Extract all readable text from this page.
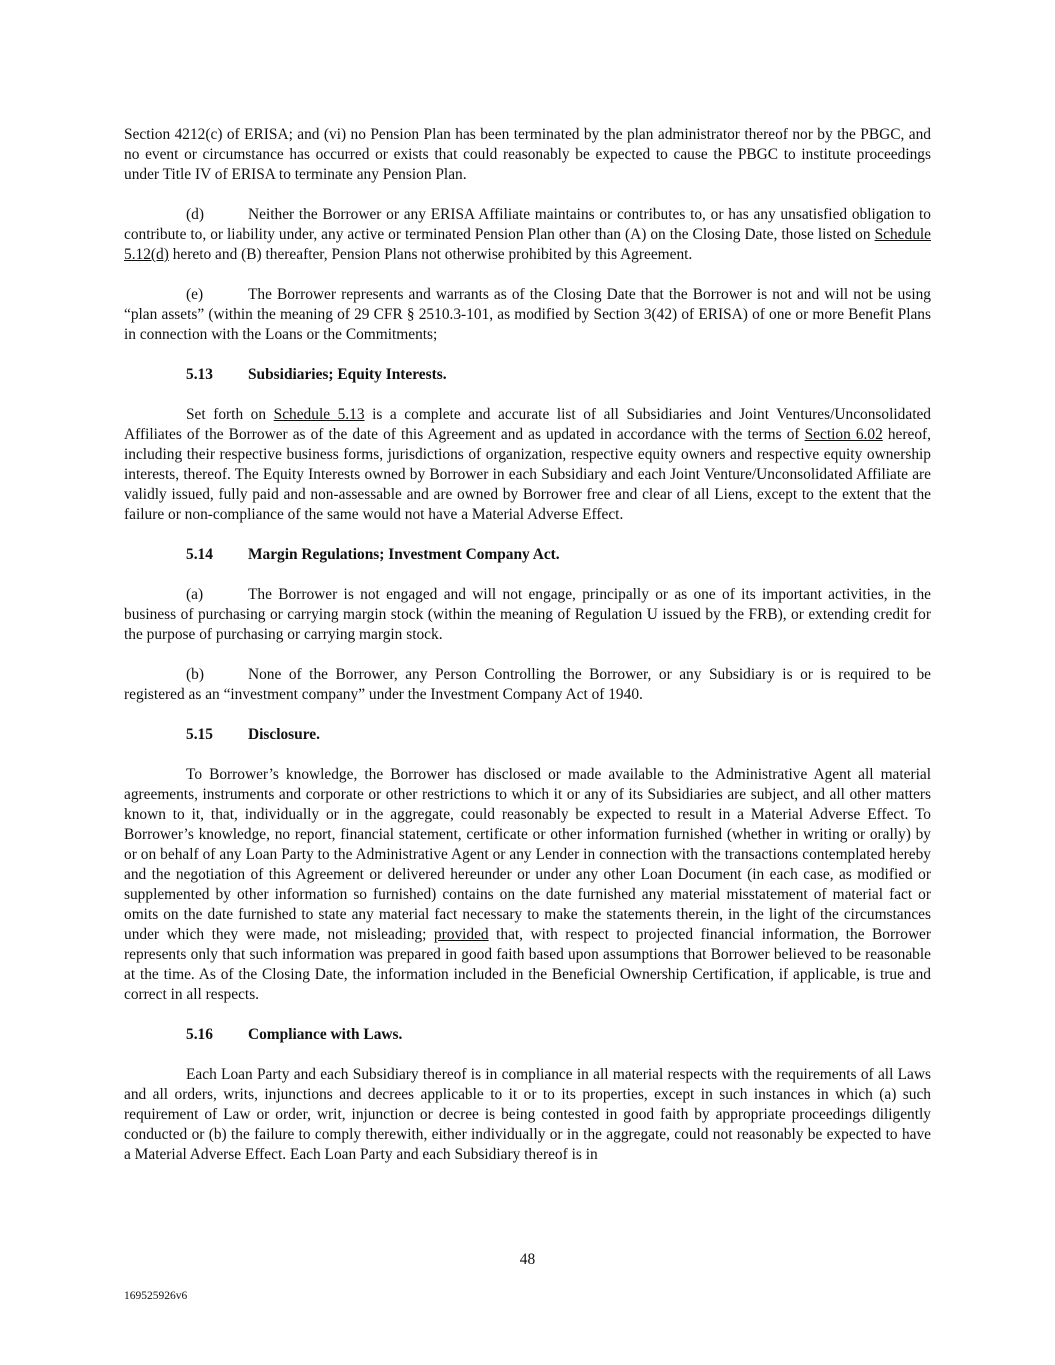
Section 4212(c) of ERISA; and (vi) no Pension Plan has been terminated by the plan administrator thereof nor by the PBGC, and no event or circumstance has occurred or exists that could reasonably be expected to cause the PBGC to institute proceedings under Title IV of ERISA to terminate any Pension Plan.

(d)	Neither the Borrower or any ERISA Affiliate maintains or contributes to, or has any unsatisfied obligation to contribute to, or liability under, any active or terminated Pension Plan other than (A) on the Closing Date, those listed on Schedule 5.12(d) hereto and (B) thereafter, Pension Plans not otherwise prohibited by this Agreement.

(e)	The Borrower represents and warrants as of the Closing Date that the Borrower is not and will not be using “plan assets” (within the meaning of 29 CFR § 2510.3-101, as modified by Section 3(42) of ERISA) of one or more Benefit Plans in connection with the Loans or the Commitments;

5.13 Subsidiaries; Equity Interests.

Set forth on Schedule 5.13 is a complete and accurate list of all Subsidiaries and Joint Ventures/Unconsolidated Affiliates of the Borrower as of the date of this Agreement and as updated in accordance with the terms of Section 6.02 hereof, including their respective business forms, jurisdictions of organization, respective equity owners and respective equity ownership interests, thereof. The Equity Interests owned by Borrower in each Subsidiary and each Joint Venture/Unconsolidated Affiliate are validly issued, fully paid and non-assessable and are owned by Borrower free and clear of all Liens, except to the extent that the failure or non-compliance of the same would not have a Material Adverse Effect.

5.14 Margin Regulations; Investment Company Act.

(a)	The Borrower is not engaged and will not engage, principally or as one of its important activities, in the business of purchasing or carrying margin stock (within the meaning of Regulation U issued by the FRB), or extending credit for the purpose of purchasing or carrying margin stock.

(b)	None of the Borrower, any Person Controlling the Borrower, or any Subsidiary is or is required to be registered as an “investment company” under the Investment Company Act of 1940.

5.15 Disclosure.

To Borrower’s knowledge, the Borrower has disclosed or made available to the Administrative Agent all material agreements, instruments and corporate or other restrictions to which it or any of its Subsidiaries are subject, and all other matters known to it, that, individually or in the aggregate, could reasonably be expected to result in a Material Adverse Effect. To Borrower’s knowledge, no report, financial statement, certificate or other information furnished (whether in writing or orally) by or on behalf of any Loan Party to the Administrative Agent or any Lender in connection with the transactions contemplated hereby and the negotiation of this Agreement or delivered hereunder or under any other Loan Document (in each case, as modified or supplemented by other information so furnished) contains on the date furnished any material misstatement of material fact or omits on the date furnished to state any material fact necessary to make the statements therein, in the light of the circumstances under which they were made, not misleading; provided that, with respect to projected financial information, the Borrower represents only that such information was prepared in good faith based upon assumptions that Borrower believed to be reasonable at the time. As of the Closing Date, the information included in the Beneficial Ownership Certification, if applicable, is true and correct in all respects.

5.16 Compliance with Laws.

Each Loan Party and each Subsidiary thereof is in compliance in all material respects with the requirements of all Laws and all orders, writs, injunctions and decrees applicable to it or to its properties, except in such instances in which (a) such requirement of Law or order, writ, injunction or decree is being contested in good faith by appropriate proceedings diligently conducted or (b) the failure to comply therewith, either individually or in the aggregate, could not reasonably be expected to have a Material Adverse Effect. Each Loan Party and each Subsidiary thereof is in

48
169525926v6
